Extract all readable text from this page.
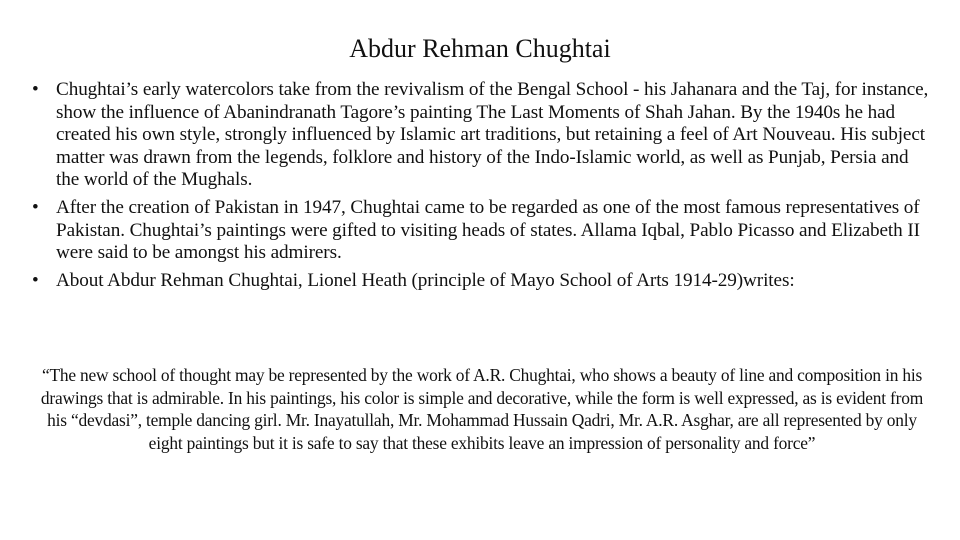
Abdur Rehman Chughtai
• Chughtai’s early watercolors take from the revivalism of the Bengal School - his Jahanara and the Taj, for instance, show the influence of Abanindranath Tagore’s painting The Last Moments of Shah Jahan. By the 1940s he had created his own style, strongly influenced by Islamic art traditions, but retaining a feel of Art Nouveau. His subject matter was drawn from the legends, folklore and history of the Indo-Islamic world, as well as Punjab, Persia and the world of the Mughals.
• After the creation of Pakistan in 1947, Chughtai came to be regarded as one of the most famous representatives of Pakistan. Chughtai’s paintings were gifted to visiting heads of states. Allama Iqbal, Pablo Picasso and Elizabeth II were said to be amongst his admirers.
• About Abdur Rehman Chughtai, Lionel Heath (principle of Mayo School of Arts 1914-29)writes:

“The new school of thought may be represented by the work of A.R. Chughtai, who shows a beauty of line and composition in his drawings that is admirable. In his paintings, his color is simple and decorative, while the form is well expressed, as is evident from his “devdasi”, temple dancing girl. Mr. Inayatullah, Mr. Mohammad Hussain Qadri, Mr. A.R. Asghar, are all represented by only eight paintings but it is safe to say that these exhibits leave an impression of personality and force”
